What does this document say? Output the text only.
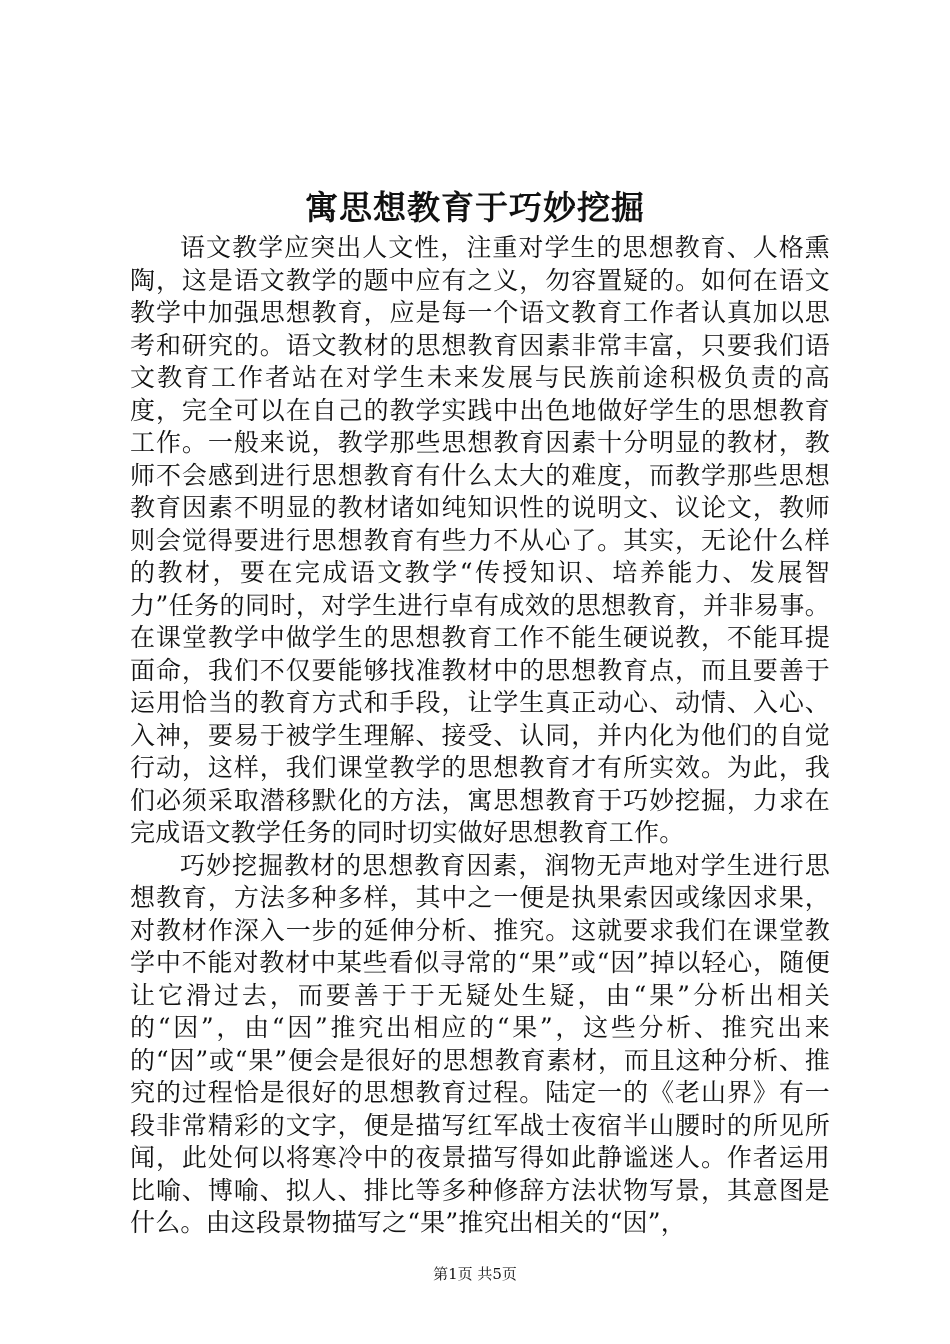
寓思想教育于巧妙挖掘

语文教学应突出人文性，注重对学生的思想教育、人格熏陶，这是语文教学的题中应有之义，勿容置疑的。如何在语文教学中加强思想教育，应是每一个语文教育工作者认真加以思考和研究的。语文教材的思想教育因素非常丰富，只要我们语文教育工作者站在对学生未来发展与民族前途积极负责的高度，完全可以在自己的教学实践中出色地做好学生的思想教育工作。一般来说，教学那些思想教育因素十分明显的教材，教师不会感到进行思想教育有什么太大的难度，而教学那些思想教育因素不明显的教材诸如纯知识性的说明文、议论文，教师则会觉得要进行思想教育有些力不从心了。其实，无论什么样的教材，要在完成语文教学“传授知识、培养能力、发展智力”任务的同时，对学生进行卓有成效的思想教育，并非易事。在课堂教学中做学生的思想教育工作不能生硬说教，不能耳提面命，我们不仅要能够找准教材中的思想教育点，而且要善于运用恰当的教育方式和手段，让学生真正动心、动情、入心、入神，要易于被学生理解、接受、认同，并内化为他们的自觉行动，这样，我们课堂教学的思想教育才有所实效。为此，我们必须采取潜移默化的方法，寓思想教育于巧妙挖掘，力求在完成语文教学任务的同时切实做好思想教育工作。

巧妙挖掘教材的思想教育因素，润物无声地对学生进行思想教育，方法多种多样，其中之一便是执果索因或缘因求果，对教材作深入一步的延伸分析、推究。这就要求我们在课堂教学中不能对教材中某些看似寻常的“果”或“因”掉以轻心，随便让它滑过去，而要善于于无疑处生疑，由“果”分析出相关的“因”，由“因”推究出相应的“果”，这些分析、推究出来的“因”或“果”便会是很好的思想教育素材，而且这种分析、推究的过程恰是很好的思想教育过程。陆定一的《老山界》有一段非常精彩的文字，便是描写红军战士夜宿半山腰时的所见所闻，此处何以将寒冷中的夜景描写得如此静谧迷人。作者运用比喻、博喻、拟人、排比等多种修辞方法状物写景，其意图是什么。由这段景物描写之“果”推究出相关的“因”，

第1页 共5页
